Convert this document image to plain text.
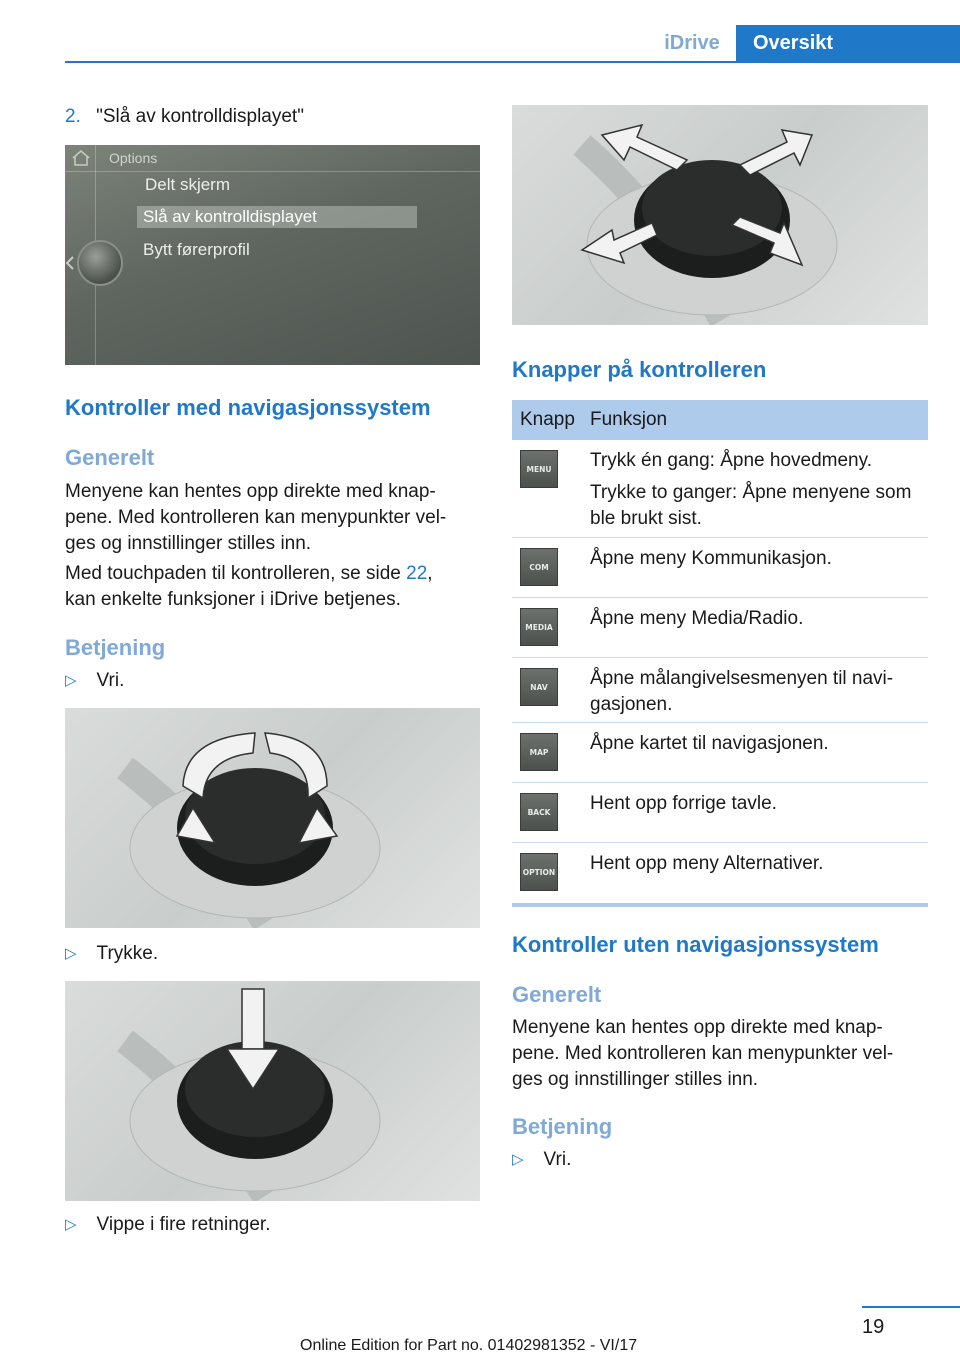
iDrive	Oversikt
2. "Slå av kontrolldisplayet"
Options
Delt skjerm
Slå av kontrolldisplayet
Bytt førerprofil
Kontroller med navigasjonssystem
Generelt
Menyene kan hentes opp direkte med knap‐
pene. Med kontrolleren kan menypunkter vel‐
ges og innstillinger stilles inn.
Med touchpaden til kontrolleren, se side 22,
kan enkelte funksjoner i iDrive betjenes.
Betjening
▷ Vri.
▷ Trykke.
▷ Vippe i fire retninger.
Knapper på kontrolleren
Knapp Funksjon
MENU	Trykk én gang: Åpne hovedmeny.
Trykke to ganger: Åpne menyene som ble brukt sist.
COM	Åpne meny Kommunikasjon.
MEDIA Åpne meny Media/Radio.
NAV	Åpne målangivelsesmenyen til navi‐ gasjonen.
MAP	Åpne kartet til navigasjonen.
BACK	Hent opp forrige tavle.
OPTION Hent opp meny Alternativer.
Kontroller uten navigasjonssystem
Generelt
Menyene kan hentes opp direkte med knap‐
pene. Med kontrolleren kan menypunkter vel‐
ges og innstillinger stilles inn.
Betjening
▷ Vri.
19
Online Edition for Part no. 01402981352 - VI/17
